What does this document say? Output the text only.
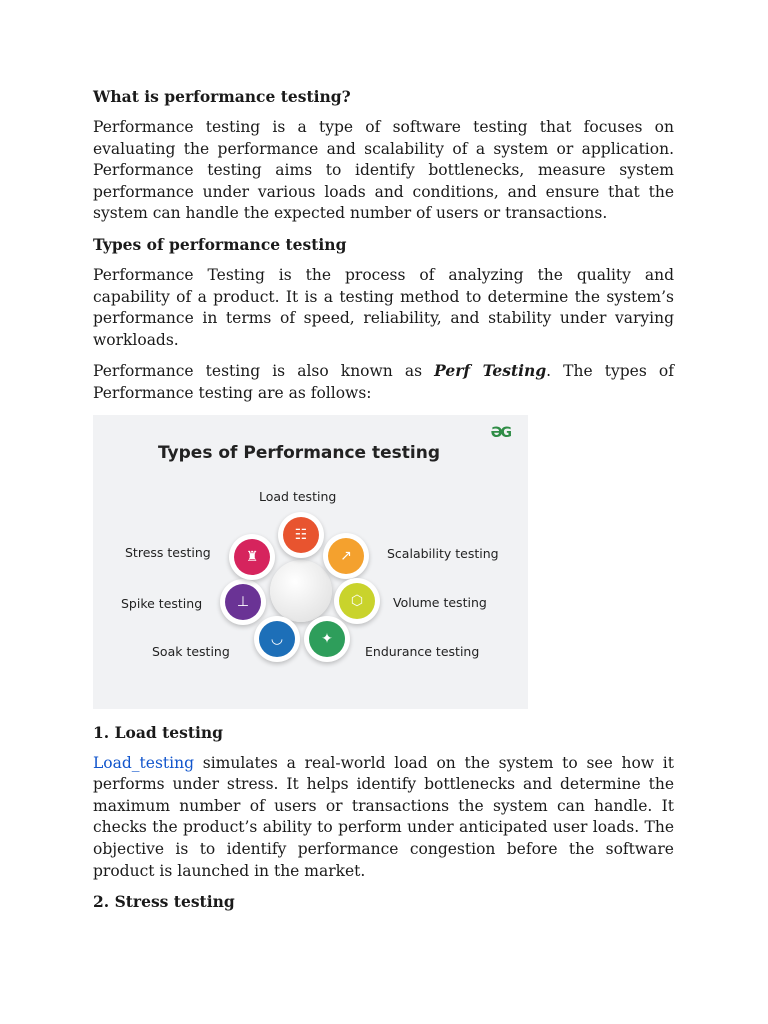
What is performance testing?

Performance testing is a type of software testing that focuses on evaluating the performance and scalability of a system or application. Performance testing aims to identify bottlenecks, measure system performance under various loads and conditions, and ensure that the system can handle the expected number of users or transactions.

Types of performance testing

Performance Testing is the process of analyzing the quality and capability of a product. It is a testing method to determine the system’s performance in terms of speed, reliability, and stability under varying workloads.

Performance testing is also known as Perf Testing. The types of Performance testing are as follows:

ƏG
Types of Performance testing
☷
↗
⬡
✦
◡
⊥
♜
Load testing
Stress testing	Scalability testing
Spike testing	Volume testing
Soak testing	Endurance testing
1. Load testing

Load_testing simulates a real-world load on the system to see how it performs under stress. It helps identify bottlenecks and determine the maximum number of users or transactions the system can handle. It checks the product’s ability to perform under anticipated user loads. The objective is to identify performance congestion before the software product is launched in the market.

2. Stress testing
